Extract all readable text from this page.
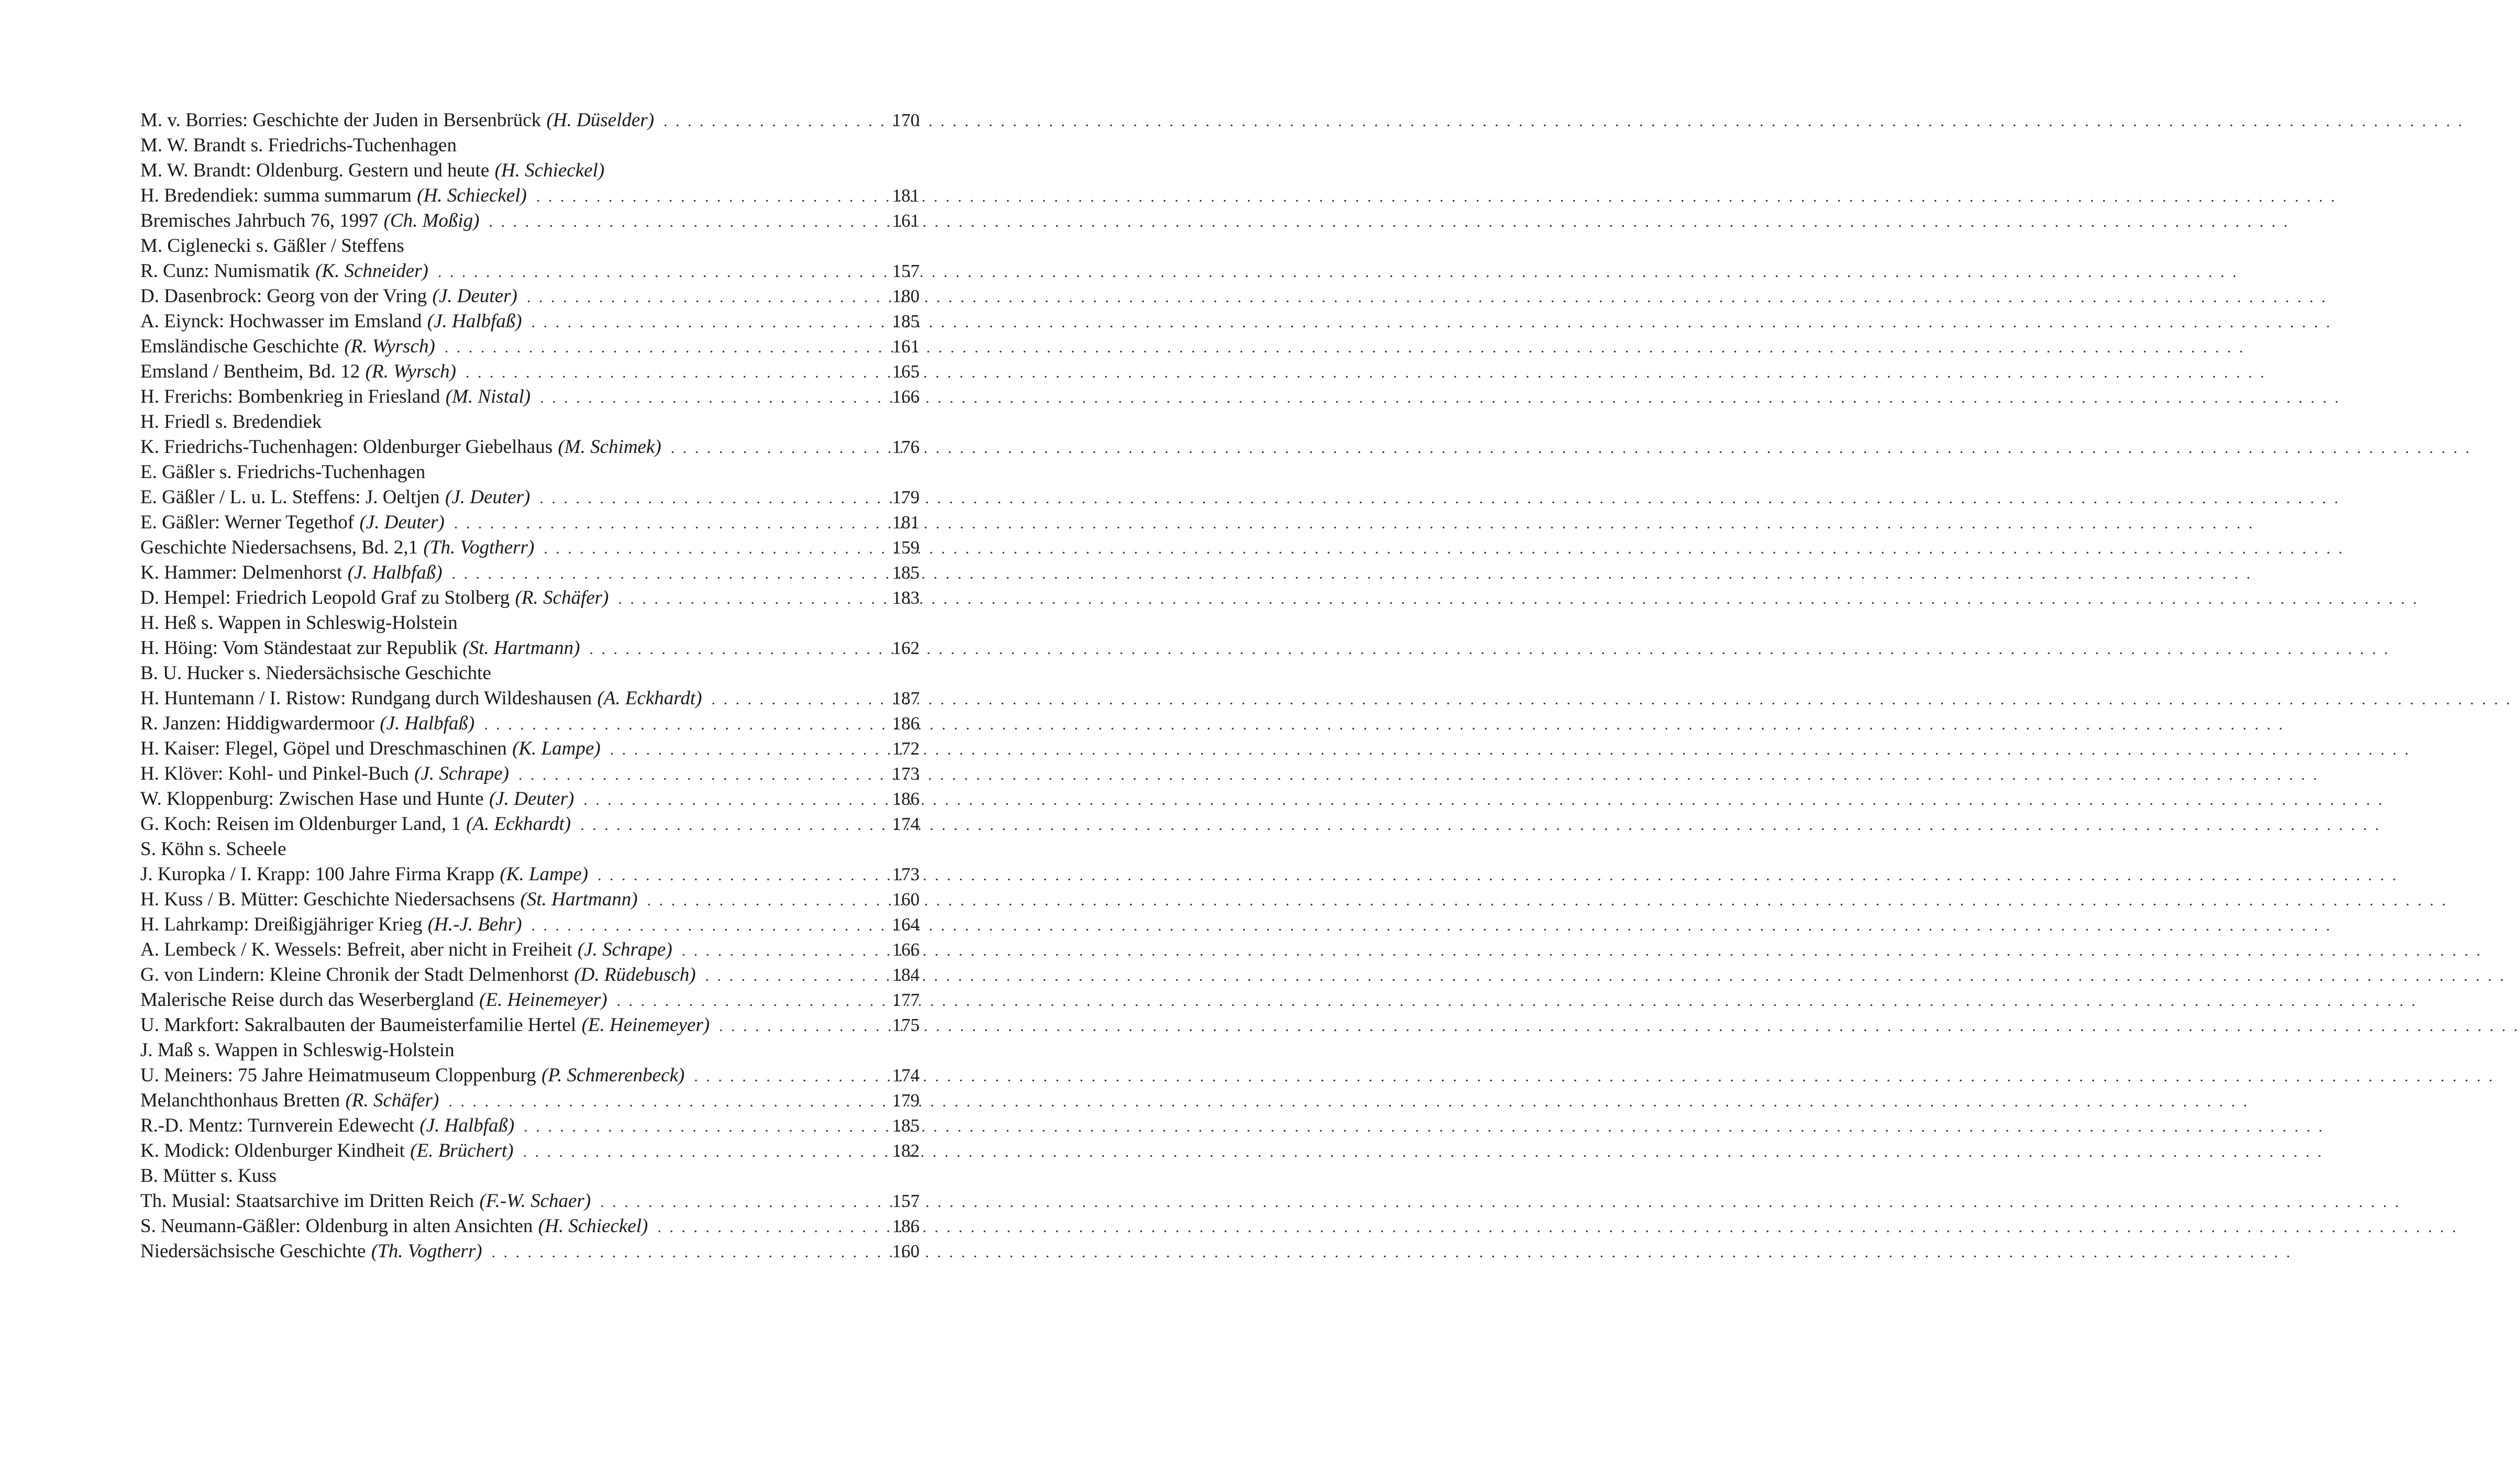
M. v. Borries: Geschichte der Juden in Bersenbrück (H. Düselder) . . .	170
M. W. Brandt s. Friedrichs-Tuchenhagen
M. W. Brandt: Oldenburg. Gestern und heute (H. Schieckel)
H. Bredendiek: summa summarum (H. Schieckel) . . .	181
Bremisches Jahrbuch 76, 1997 (Ch. Moßig) . . .	161
M. Ciglenecki s. Gäßler / Steffens
R. Cunz: Numismatik (K. Schneider) . . .	157
D. Dasenbrock: Georg von der Vring (J. Deuter) . . .	180
A. Eiynck: Hochwasser im Emsland (J. Halbfaß) . . .	185
Emsländische Geschichte (R. Wyrsch) . . .	161
Emsland / Bentheim, Bd. 12 (R. Wyrsch) . . .	165
H. Frerichs: Bombenkrieg in Friesland (M. Nistal) . . .	166
H. Friedl s. Bredendiek
K. Friedrichs-Tuchenhagen: Oldenburger Giebelhaus (M. Schimek) . . .	176
E. Gäßler s. Friedrichs-Tuchenhagen
E. Gäßler / L. u. L. Steffens: J. Oeltjen (J. Deuter) . . .	179
E. Gäßler: Werner Tegethof (J. Deuter) . . .	181
Geschichte Niedersachsens, Bd. 2,1 (Th. Vogtherr) . . .	159
K. Hammer: Delmenhorst (J. Halbfaß) . . .	185
D. Hempel: Friedrich Leopold Graf zu Stolberg (R. Schäfer) . . .	183
H. Heß s. Wappen in Schleswig-Holstein
H. Höing: Vom Ständestaat zur Republik (St. Hartmann) . . .	162
B. U. Hucker s. Niedersächsische Geschichte
H. Huntemann / I. Ristow: Rundgang durch Wildeshausen (A. Eckhardt) . . .	187
R. Janzen: Hiddigwardermoor (J. Halbfaß) . . .	186
H. Kaiser: Flegel, Göpel und Dreschmaschinen (K. Lampe) . . .	172
H. Klöver: Kohl- und Pinkel-Buch (J. Schrape) . . .	173
W. Kloppenburg: Zwischen Hase und Hunte (J. Deuter) . . .	186
G. Koch: Reisen im Oldenburger Land, 1 (A. Eckhardt) . . .	174
S. Köhn s. Scheele
J. Kuropka / I. Krapp: 100 Jahre Firma Krapp (K. Lampe) . . .	173
H. Kuss / B. Mütter: Geschichte Niedersachsens (St. Hartmann) . . .	160
H. Lahrkamp: Dreißigjähriger Krieg (H.-J. Behr) . . .	164
A. Lembeck / K. Wessels: Befreit, aber nicht in Freiheit (J. Schrape) . . .	166
G. von Lindern: Kleine Chronik der Stadt Delmenhorst (D. Rüdebusch) . . .	184
Malerische Reise durch das Weserbergland (E. Heinemeyer) . . .	177
U. Markfort: Sakralbauten der Baumeisterfamilie Hertel (E. Heinemeyer) . . .	175
J. Maß s. Wappen in Schleswig-Holstein
U. Meiners: 75 Jahre Heimatmuseum Cloppenburg (P. Schmerenbeck) . . .	174
Melanchthonhaus Bretten (R. Schäfer) . . .	179
R.-D. Mentz: Turnverein Edewecht (J. Halbfaß) . . .	185
K. Modick: Oldenburger Kindheit (E. Brüchert) . . .	182
B. Mütter s. Kuss
Th. Musial: Staatsarchive im Dritten Reich (F.-W. Schaer) . . .	157
S. Neumann-Gäßler: Oldenburg in alten Ansichten (H. Schieckel) . . .	186
Niedersächsische Geschichte (Th. Vogtherr) . . .	160
